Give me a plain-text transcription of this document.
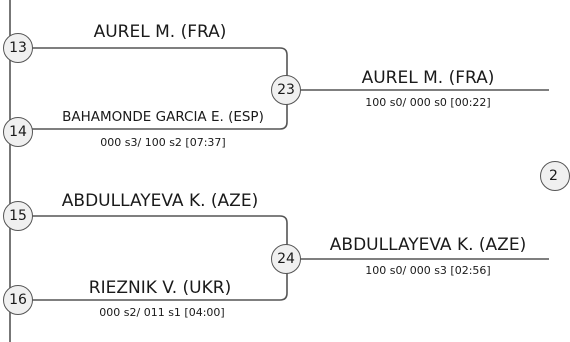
AUREL M. (FRA)
BAHAMONDE GARCIA E. (ESP)
000 s3/ 100 s2 [07:37]
ABDULLAYEVA K. (AZE)
RIEZNIK V. (UKR)
000 s2/ 011 s1 [04:00]
AUREL M. (FRA)
100 s0/ 000 s0 [00:22]
ABDULLAYEVA K. (AZE)
100 s0/ 000 s3 [02:56]
13
14
15
16
23
24
2
